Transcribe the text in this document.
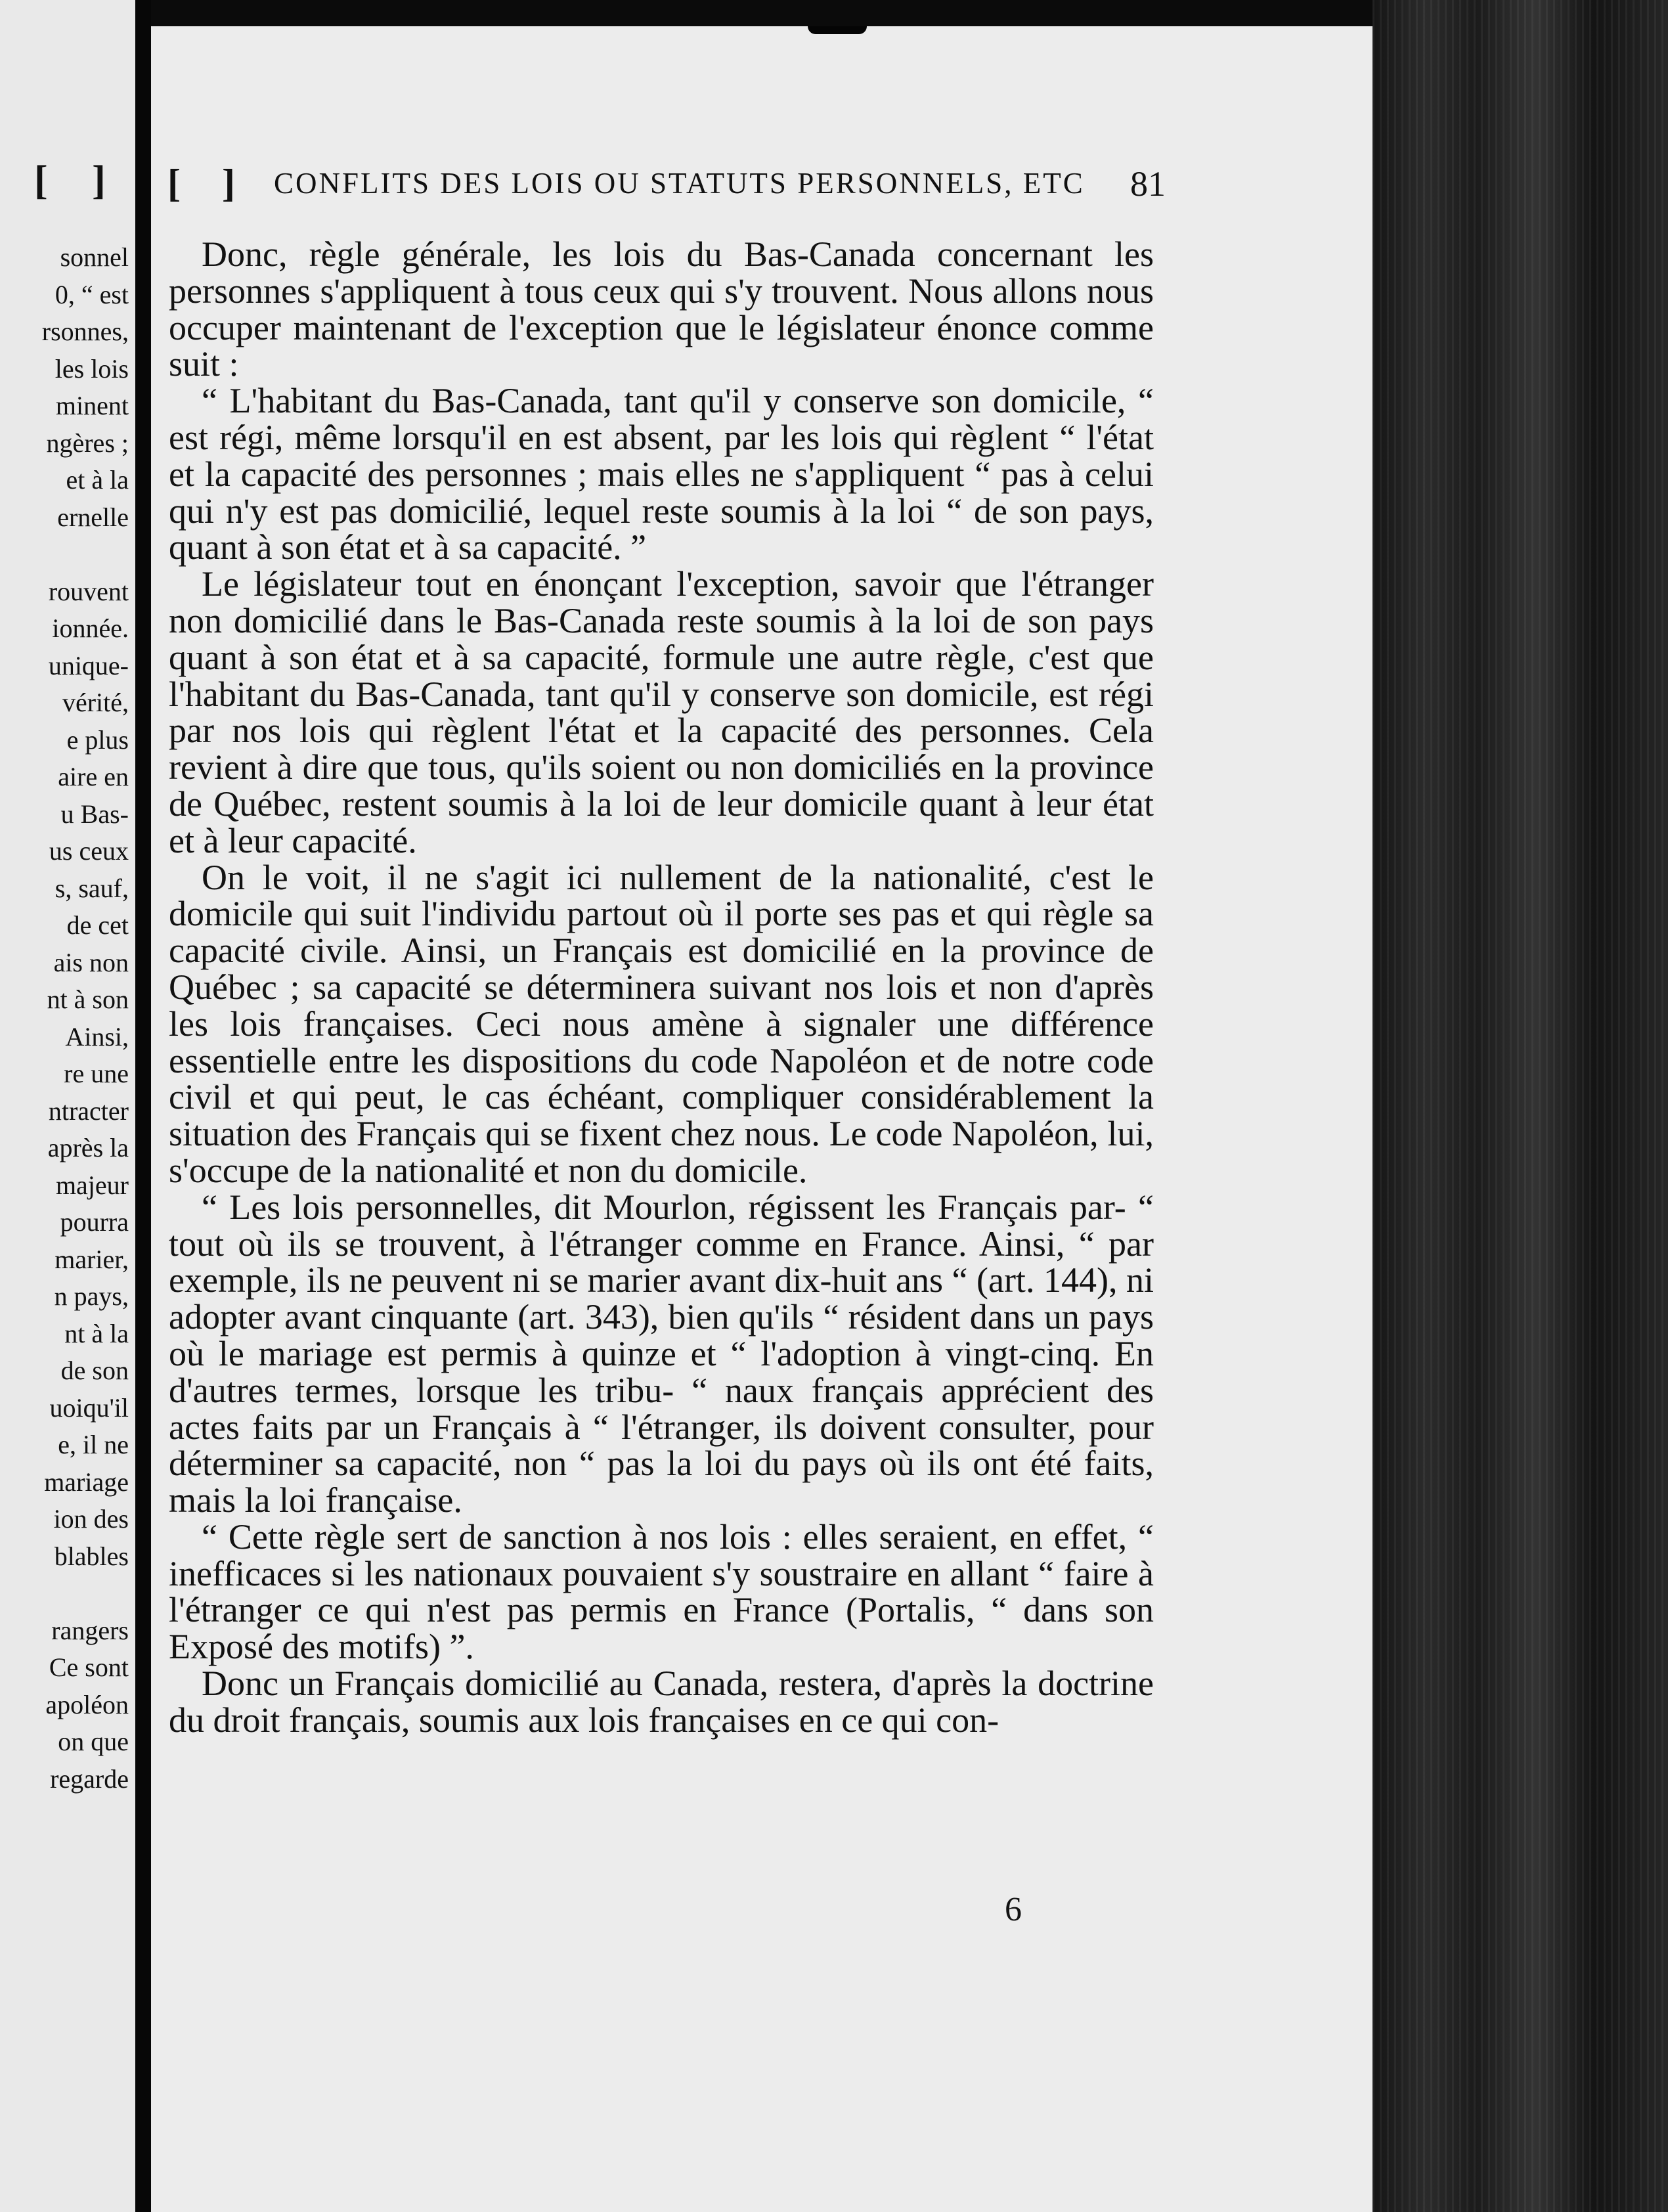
[ ]
sonnel
0, “ est
rsonnes,
les lois
minent
ngères ;
et à la
ernelle
rouvent
ionnée.
unique-
vérité,
e plus
aire en
u Bas-
us ceux
s, sauf,
de cet
ais non
nt à son
Ainsi,
re une
ntracter
après la
majeur
pourra
marier,
n pays,
nt à la
de son
uoiqu'il
e, il ne
mariage
ion des
blables
rangers
Ce sont
apoléon
on que
regarde
[ ] CONFLITS DES LOIS OU STATUTS PERSONNELS, ETC 81

Donc, règle générale, les lois du Bas-Canada concernant les personnes s'appliquent à tous ceux qui s'y trouvent. Nous allons nous occuper maintenant de l'exception que le législateur énonce comme suit :

“ L'habitant du Bas-Canada, tant qu'il y conserve son domicile, “ est régi, même lorsqu'il en est absent, par les lois qui règlent “ l'état et la capacité des personnes ; mais elles ne s'appliquent “ pas à celui qui n'y est pas domicilié, lequel reste soumis à la loi “ de son pays, quant à son état et à sa capacité. ”

Le législateur tout en énonçant l'exception, savoir que l'étranger non domicilié dans le Bas-Canada reste soumis à la loi de son pays quant à son état et à sa capacité, formule une autre règle, c'est que l'habitant du Bas-Canada, tant qu'il y conserve son domicile, est régi par nos lois qui règlent l'état et la capacité des personnes. Cela revient à dire que tous, qu'ils soient ou non domiciliés en la province de Québec, restent soumis à la loi de leur domicile quant à leur état et à leur capacité.

On le voit, il ne s'agit ici nullement de la nationalité, c'est le domicile qui suit l'individu partout où il porte ses pas et qui règle sa capacité civile. Ainsi, un Français est domicilié en la province de Québec ; sa capacité se déterminera suivant nos lois et non d'après les lois françaises. Ceci nous amène à signaler une différence essentielle entre les dispositions du code Napoléon et de notre code civil et qui peut, le cas échéant, compliquer considérablement la situation des Français qui se fixent chez nous. Le code Napoléon, lui, s'occupe de la nationalité et non du domicile.

“ Les lois personnelles, dit Mourlon, régissent les Français par- “ tout où ils se trouvent, à l'étranger comme en France. Ainsi, “ par exemple, ils ne peuvent ni se marier avant dix-huit ans “ (art. 144), ni adopter avant cinquante (art. 343), bien qu'ils “ résident dans un pays où le mariage est permis à quinze et “ l'adoption à vingt-cinq. En d'autres termes, lorsque les tribu- “ naux français apprécient des actes faits par un Français à “ l'étranger, ils doivent consulter, pour déterminer sa capacité, non “ pas la loi du pays où ils ont été faits, mais la loi française.

“ Cette règle sert de sanction à nos lois : elles seraient, en effet, “ inefficaces si les nationaux pouvaient s'y soustraire en allant “ faire à l'étranger ce qui n'est pas permis en France (Portalis, “ dans son Exposé des motifs) ”.

Donc un Français domicilié au Canada, restera, d'après la doctrine du droit français, soumis aux lois françaises en ce qui con-

6
